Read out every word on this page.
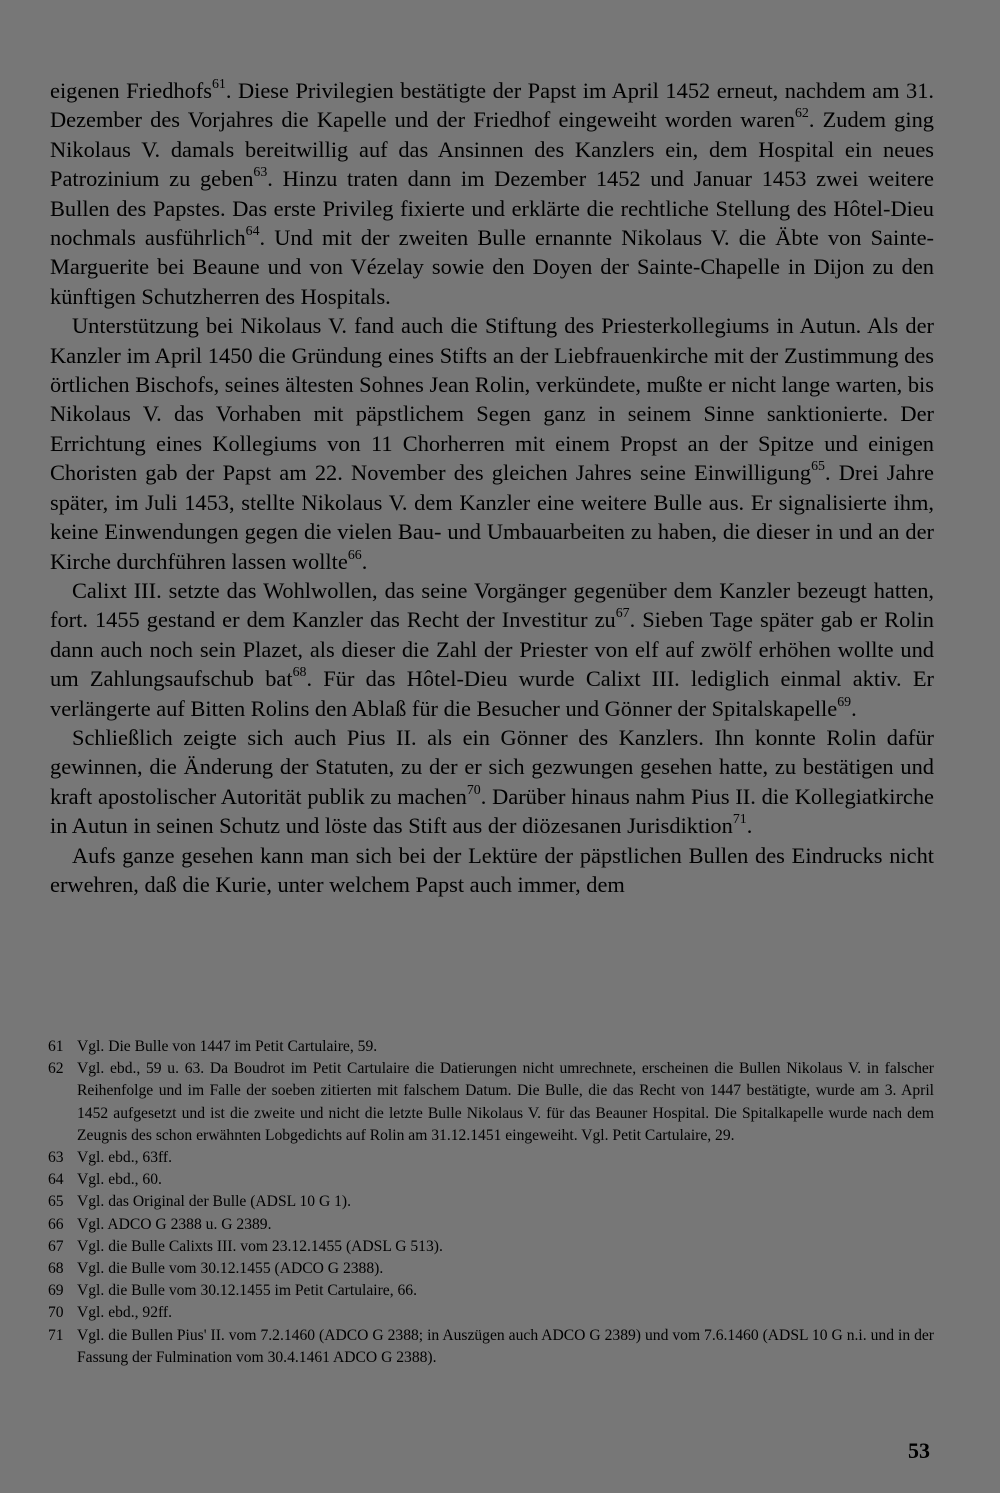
eigenen Friedhofs$^{61}$. Diese Privilegien bestätigte der Papst im April 1452 erneut, nachdem am 31. Dezember des Vorjahres die Kapelle und der Friedhof eingeweiht worden waren$^{62}$. Zudem ging Nikolaus V. damals bereitwillig auf das Ansinnen des Kanzlers ein, dem Hospital ein neues Patrozinium zu geben$^{63}$. Hinzu traten dann im Dezember 1452 und Januar 1453 zwei weitere Bullen des Papstes. Das erste Privileg fixierte und erklärte die rechtliche Stellung des Hôtel-Dieu nochmals ausführlich$^{64}$. Und mit der zweiten Bulle ernannte Nikolaus V. die Äbte von Sainte-Marguerite bei Beaune und von Vézelay sowie den Doyen der Sainte-Chapelle in Dijon zu den künftigen Schutzherren des Hospitals.

Unterstützung bei Nikolaus V. fand auch die Stiftung des Priesterkollegiums in Autun. Als der Kanzler im April 1450 die Gründung eines Stifts an der Liebfrauenkirche mit der Zustimmung des örtlichen Bischofs, seines ältesten Sohnes Jean Rolin, verkündete, mußte er nicht lange warten, bis Nikolaus V. das Vorhaben mit päpstlichem Segen ganz in seinem Sinne sanktionierte. Der Errichtung eines Kollegiums von 11 Chorherren mit einem Propst an der Spitze und einigen Choristen gab der Papst am 22. November des gleichen Jahres seine Einwilligung$^{65}$. Drei Jahre später, im Juli 1453, stellte Nikolaus V. dem Kanzler eine weitere Bulle aus. Er signalisierte ihm, keine Einwendungen gegen die vielen Bau- und Umbauarbeiten zu haben, die dieser in und an der Kirche durchführen lassen wollte$^{66}$.

Calixt III. setzte das Wohlwollen, das seine Vorgänger gegenüber dem Kanzler bezeugt hatten, fort. 1455 gestand er dem Kanzler das Recht der Investitur $zu^{67}$. Sieben Tage später gab er Rolin dann auch noch sein Plazet, als dieser die Zahl der Priester von elf auf zwölf erhöhen wollte und um Zahlungsaufschub bat$^{68}$. Für das Hôtel-Dieu wurde Calixt III. lediglich einmal aktiv. Er verlängerte auf Bitten Rolins den Ablaß für die Besucher und Gönner der Spitalskapelle$^{69}$.

Schließlich zeigte sich auch Pius II. als ein Gönner des Kanzlers. Ihn konnte Rolin dafür gewinnen, die Änderung der Statuten, zu der er sich gezwungen gesehen hatte, zu bestätigen und kraft apostolischer Autorität publik zu machen$^{70}$. Darüber hinaus nahm Pius II. die Kollegiatkirche in Autun in seinen Schutz und löste das Stift aus der diözesanen Jurisdiktion$^{71}$.

Aufs ganze gesehen kann man sich bei der Lektüre der päpstlichen Bullen des Eindrucks nicht erwehren, daß die Kurie, unter welchem Papst auch immer, dem

61 Vgl. Die Bulle von 1447 im Petit Cartulaire, 59.
62 Vgl. ebd., 59 u. 63. Da Boudrot im Petit Cartulaire die Datierungen nicht umrechnete, erscheinen die Bullen Nikolaus V. in falscher Reihenfolge und im Falle der soeben zitierten mit falschem Datum. Die Bulle, die das Recht von 1447 bestätigte, wurde am 3. April 1452 aufgesetzt und ist die zweite und nicht die letzte Bulle Nikolaus V. für das Beauner Hospital. Die Spitalkapelle wurde nach dem Zeugnis des schon erwähnten Lobgedichts auf Rolin am 31.12.1451 eingeweiht. Vgl. Petit Cartulaire, 29.
63 Vgl. ebd., 63ff.
64 Vgl. ebd., 60.
65 Vgl. das Original der Bulle (ADSL 10 G 1).
66 Vgl. ADCO G 2388 u. G 2389.
67 Vgl. die Bulle Calixts III. vom 23.12.1455 (ADSL G 513).
68 Vgl. die Bulle vom 30.12.1455 (ADCO G 2388).
69 Vgl. die Bulle vom 30.12.1455 im Petit Cartulaire, 66.
70 Vgl. ebd., 92ff.
71 Vgl. die Bullen Pius' II. vom 7.2.1460 (ADCO G 2388; in Auszügen auch ADCO G 2389) und vom 7.6.1460 (ADSL 10 G n.i. und in der Fassung der Fulmination vom 30.4.1461 ADCO G 2388).
53
